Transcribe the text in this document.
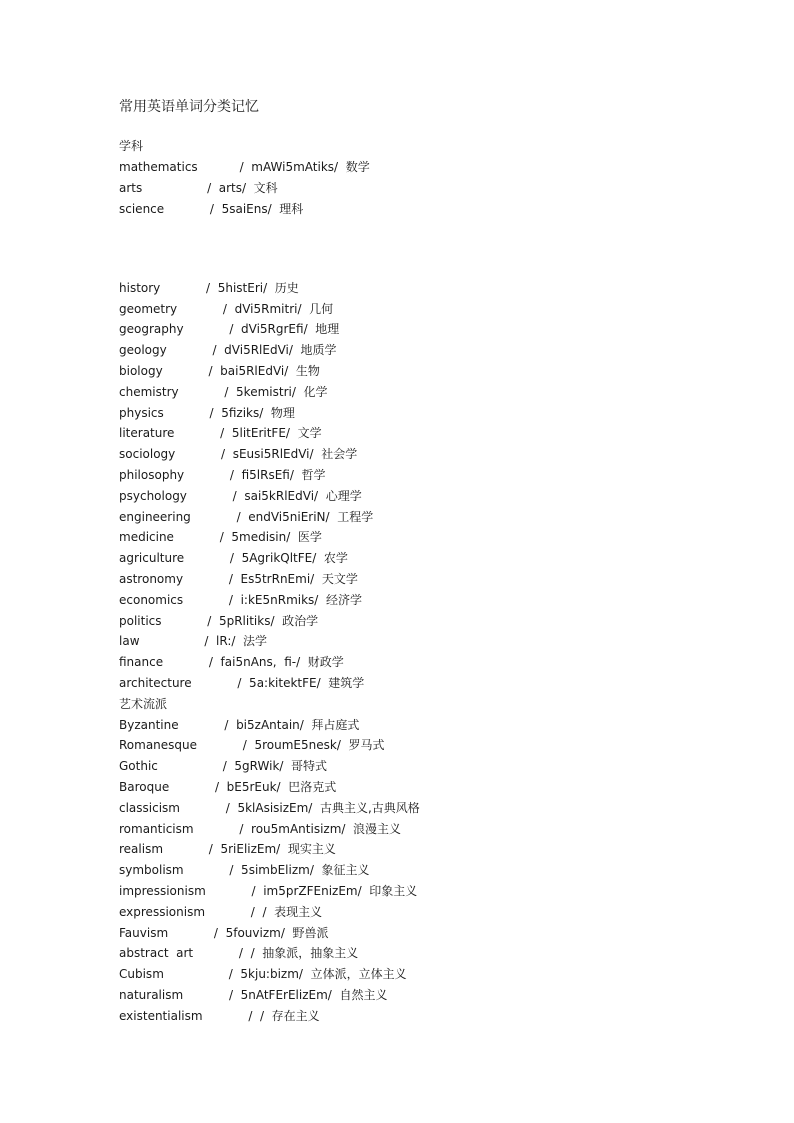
常用英语单词分类记忆
学科
mathematics           /  mAWi5mAtiks/  数学
arts                 /  arts/  文科
science            /  5saiEns/  理科
history            /  5histEri/  历史
geometry            /  dVi5Rmitri/  几何
geography            /  dVi5RgrEfi/  地理
geology            /  dVi5RlEdVi/  地质学
biology            /  bai5RlEdVi/  生物
chemistry            /  5kemistri/  化学
physics            /  5fiziks/  物理
literature            /  5litEritFE/  文学
sociology            /  sEusi5RlEdVi/  社会学
philosophy            /  fi5lRsEfi/  哲学
psychology            /  sai5kRlEdVi/  心理学
engineering            /  endVi5niEriN/  工程学
medicine            /  5medisin/  医学
agriculture            /  5AgrikQltFE/  农学
astronomy            /  Es5trRnEmi/  天文学
economics            /  i:kE5nRmiks/  经济学
politics            /  5pRlitiks/  政治学
law                 /  lR:/  法学
finance            /  fai5nAns,  fi-/  财政学
architecture            /  5a:kitektFE/  建筑学
艺术流派
Byzantine            /  bi5zAntain/  拜占庭式
Romanesque            /  5roumE5nesk/  罗马式
Gothic                 /  5gRWik/  哥特式
Baroque            /  bE5rEuk/  巴洛克式
classicism            /  5klAsisizEm/  古典主义,古典风格
romanticism            /  rou5mAntisizm/  浪漫主义
realism            /  5riElizEm/  现实主义
symbolism            /  5simbElizm/  象征主义
impressionism            /  im5prZFEnizEm/  印象主义
expressionism            /  /  表现主义
Fauvism            /  5fouvizm/  野兽派
abstract  art            /  /  抽象派，抽象主义
Cubism                 /  5kju:bizm/  立体派，立体主义
naturalism            /  5nAtFErElizEm/  自然主义
existentialism            /  /  存在主义
